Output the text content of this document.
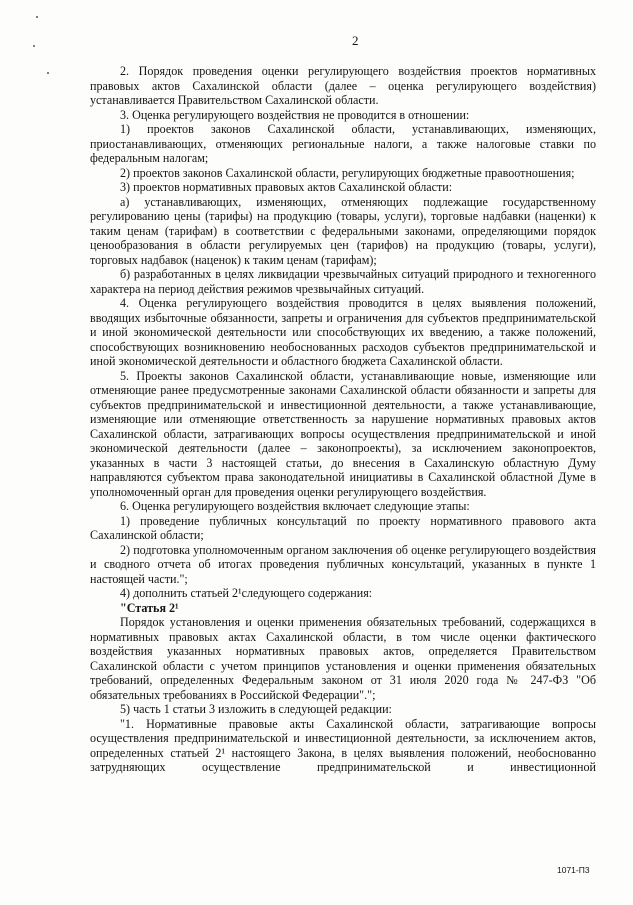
2

2. Порядок проведения оценки регулирующего воздействия проектов нормативных правовых актов Сахалинской области (далее – оценка регулирующего воздействия) устанавливается Правительством Сахалинской области.

3. Оценка регулирующего воздействия не проводится в отношении:

1) проектов законов Сахалинской области, устанавливающих, изменяющих, приостанавливающих, отменяющих региональные налоги, а также налоговые ставки по федеральным налогам;

2) проектов законов Сахалинской области, регулирующих бюджетные правоотношения;

3) проектов нормативных правовых актов Сахалинской области:

а) устанавливающих, изменяющих, отменяющих подлежащие государственному регулированию цены (тарифы) на продукцию (товары, услуги), торговые надбавки (наценки) к таким ценам (тарифам) в соответствии с федеральными законами, определяющими порядок ценообразования в области регулируемых цен (тарифов) на продукцию (товары, услуги), торговых надбавок (наценок) к таким ценам (тарифам);

б) разработанных в целях ликвидации чрезвычайных ситуаций природного и техногенного характера на период действия режимов чрезвычайных ситуаций.

4. Оценка регулирующего воздействия проводится в целях выявления положений, вводящих избыточные обязанности, запреты и ограничения для субъектов предпринимательской и иной экономической деятельности или способствующих их введению, а также положений, способствующих возникновению необоснованных расходов субъектов предпринимательской и иной экономической деятельности и областного бюджета Сахалинской области.

5. Проекты законов Сахалинской области, устанавливающие новые, изменяющие или отменяющие ранее предусмотренные законами Сахалинской области обязанности и запреты для субъектов предпринимательской и инвестиционной деятельности, а также устанавливающие, изменяющие или отменяющие ответственность за нарушение нормативных правовых актов Сахалинской области, затрагивающих вопросы осуществления предпринимательской и иной экономической деятельности (далее – законопроекты), за исключением законопроектов, указанных в части 3 настоящей статьи, до внесения в Сахалинскую областную Думу направляются субъектом права законодательной инициативы в Сахалинской областной Думе в уполномоченный орган для проведения оценки регулирующего воздействия.

6. Оценка регулирующего воздействия включает следующие этапы:

1) проведение публичных консультаций по проекту нормативного правового акта Сахалинской области;

2) подготовка уполномоченным органом заключения об оценке регулирующего воздействия и сводного отчета об итогах проведения публичных консультаций, указанных в пункте 1 настоящей части.";

4) дополнить статьей 2¹следующего содержания:

"Статья 2¹

Порядок установления и оценки применения обязательных требований, содержащихся в нормативных правовых актах Сахалинской области, в том числе оценки фактического воздействия указанных нормативных правовых актов, определяется Правительством Сахалинской области с учетом принципов установления и оценки применения обязательных требований, определенных Федеральным законом от 31 июля 2020 года № 247-ФЗ "Об обязательных требованиях в Российской Федерации".";

5) часть 1 статьи 3 изложить в следующей редакции:

"1. Нормативные правовые акты Сахалинской области, затрагивающие вопросы осуществления предпринимательской и инвестиционной деятельности, за исключением актов, определенных статьей 2¹ настоящего Закона, в целях выявления положений, необоснованно затрудняющих осуществление предпринимательской и инвестиционной

1071-П3
